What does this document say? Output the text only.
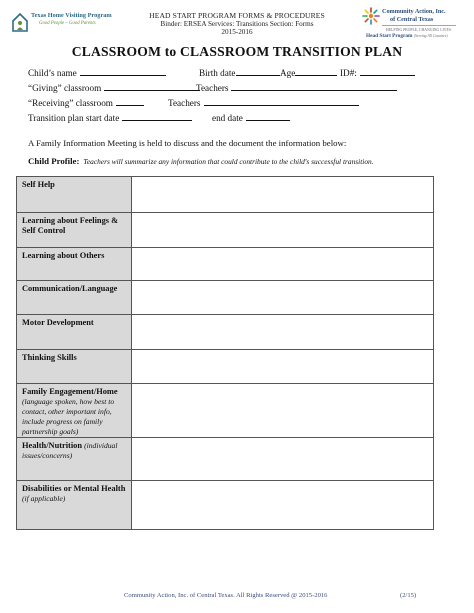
Texas Home Visiting Program
Good People – Good Parents
HEAD START PROGRAM FORMS & PROCEDURES
Binder: ERSEA Services: Transitions Section: Forms
2015-2016
Community Action, Inc.
of Central Texas
HELPING PEOPLE, CHANGING LIVES
Head Start Program (Serving All Counties)
CLASSROOM to CLASSROOM TRANSITION PLAN
Child’s name	Birth date	Age	ID#:
“Giving” classroom	Teachers
“Receiving” classroom	Teachers
Transition plan start date	end date
A Family Information Meeting is held to discuss and the document the information below:
Child Profile: Teachers will summarize any information that could contribute to the child's successful transition.
Self Help
Learning about Feelings & Self Control
Learning about Others
Communication/Language
Motor Development
Thinking Skills
Family Engagement/Home
(language spoken, how best to contact, other important info, include progress on family partnership goals)
Health/Nutrition (individual issues/concerns)
Disabilities or Mental Health (if applicable)
Community Action, Inc. of Central Texas. All Rights Reserved @ 2015-2016	(2/15)
